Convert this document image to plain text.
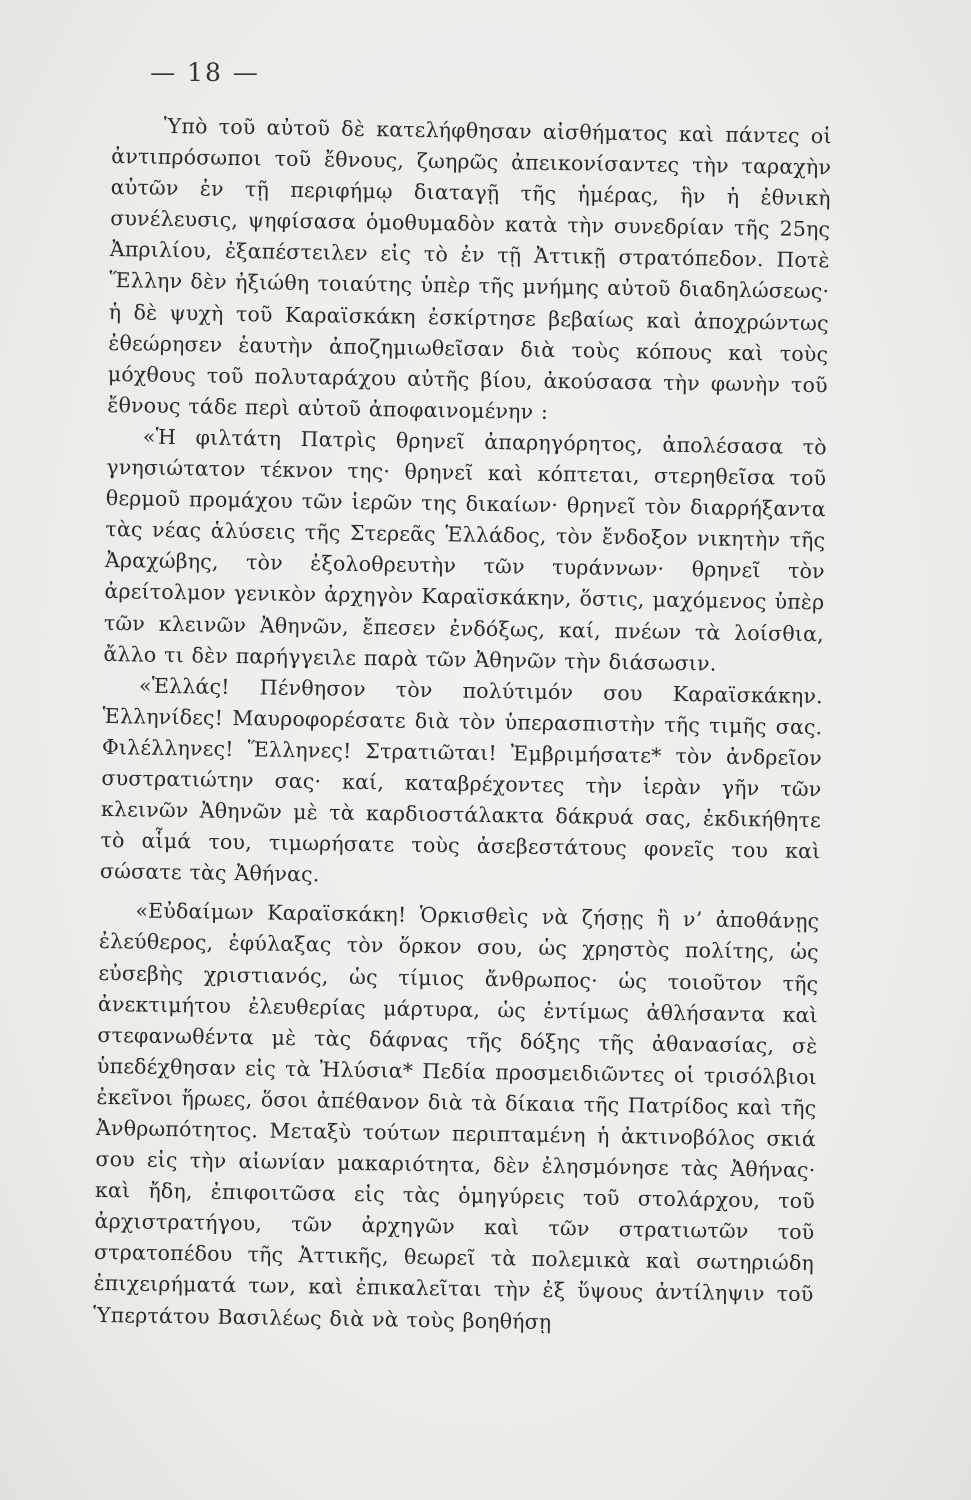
— 18 —

Ὑπὸ τοῦ αὐτοῦ δὲ κατελήφθησαν αἰσθήματος καὶ πάντες οἱ ἀντιπρόσωποι τοῦ ἔθνους, ζωηρῶς ἀπεικονίσαντες τὴν ταραχὴν αὐτῶν ἐν τῇ περιφήμῳ διαταγῇ τῆς ἡμέρας, ἣν ἡ ἐθνικὴ συνέλευσις, ψηφίσασα ὁμοθυμαδὸν κατὰ τὴν συνεδρίαν τῆς 25ης Ἀπριλίου, ἐξαπέστειλεν εἰς τὸ ἐν τῇ Ἀττικῇ στρατόπεδον. Ποτὲ Ἕλλην δὲν ἠξιώθη τοιαύτης ὑπὲρ τῆς μνήμης αὐτοῦ διαδηλώσεως· ἡ δὲ ψυχὴ τοῦ Καραϊσκάκη ἐσκίρτησε βεβαίως καὶ ἀποχρώντως ἐθεώρησεν ἑαυτὴν ἀποζημιωθεῖσαν διὰ τοὺς κόπους καὶ τοὺς μόχθους τοῦ πολυταράχου αὐτῆς βίου, ἀκούσασα τὴν φωνὴν τοῦ ἔθνους τάδε περὶ αὐτοῦ ἀποφαινομένην :

«Ἡ φιλτάτη Πατρὶς θρηνεῖ ἀπαρηγόρητος, ἀπολέσασα τὸ γνησιώτατον τέκνον της· θρηνεῖ καὶ κόπτεται, στερηθεῖσα τοῦ θερμοῦ προμάχου τῶν ἱερῶν της δικαίων· θρηνεῖ τὸν διαρρήξαντα τὰς νέας ἁλύσεις τῆς Στερεᾶς Ἑλλάδος, τὸν ἔνδοξον νικητὴν τῆς Ἀραχώβης, τὸν ἐξολοθρευτὴν τῶν τυράννων· θρηνεῖ τὸν ἀρείτολμον γενικὸν ἀρχηγὸν Καραϊσκάκην, ὅστις, μαχόμενος ὑπὲρ τῶν κλεινῶν Ἀθηνῶν, ἔπεσεν ἐνδόξως, καί, πνέων τὰ λοίσθια, ἄλλο τι δὲν παρήγγειλε παρὰ τῶν Ἀθηνῶν τὴν διάσωσιν.

«Ἑλλάς! Πένθησον τὸν πολύτιμόν σου Καραϊσκάκην. Ἑλληνίδες! Μαυροφορέσατε διὰ τὸν ὑπερασπιστὴν τῆς τιμῆς σας. Φιλέλληνες! Ἕλληνες! Στρατιῶται! Ἐμβριμήσατε* τὸν ἀνδρεῖον συστρατιώτην σας· καί, καταβρέχοντες τὴν ἱερὰν γῆν τῶν κλεινῶν Ἀθηνῶν μὲ τὰ καρδιοστάλακτα δάκρυά σας, ἐκδικήθητε τὸ αἷμά του, τιμωρήσατε τοὺς ἀσεβεστάτους φονεῖς του καὶ σώσατε τὰς Ἀθήνας.

«Εὐδαίμων Καραϊσκάκη! Ὁρκισθεὶς νὰ ζήσῃς ἢ ν’ ἀποθάνῃς ἐλεύθερος, ἐφύλαξας τὸν ὅρκον σου, ὡς χρηστὸς πολίτης, ὡς εὐσεβὴς χριστιανός, ὡς τίμιος ἄνθρωπος· ὡς τοιοῦτον τῆς ἀνεκτιμήτου ἐλευθερίας μάρτυρα, ὡς ἐντίμως ἀθλήσαντα καὶ στεφανωθέντα μὲ τὰς δάφνας τῆς δόξης τῆς ἀθανασίας, σὲ ὑπεδέχθησαν εἰς τὰ Ἠλύσια* Πεδία προσμειδιῶντες οἱ τρισόλβιοι ἐκεῖνοι ἥρωες, ὅσοι ἀπέθανον διὰ τὰ δίκαια τῆς Πατρίδος καὶ τῆς Ἀνθρωπότητος. Μεταξὺ τούτων περιπταμένη ἡ ἀκτινοβόλος σκιά σου εἰς τὴν αἰωνίαν μακαριότητα, δὲν ἐλησμόνησε τὰς Ἀθήνας· καὶ ἤδη, ἐπιφοιτῶσα εἰς τὰς ὁμηγύρεις τοῦ στολάρχου, τοῦ ἀρχιστρατήγου, τῶν ἀρχηγῶν καὶ τῶν στρατιωτῶν τοῦ στρατοπέδου τῆς Ἀττικῆς, θεωρεῖ τὰ πολεμικὰ καὶ σωτηριώδη ἐπιχειρήματά των, καὶ ἐπικαλεῖται τὴν ἐξ ὕψους ἀντίληψιν τοῦ Ὑπερτάτου Βασιλέως διὰ νὰ τοὺς βοηθήσῃ
